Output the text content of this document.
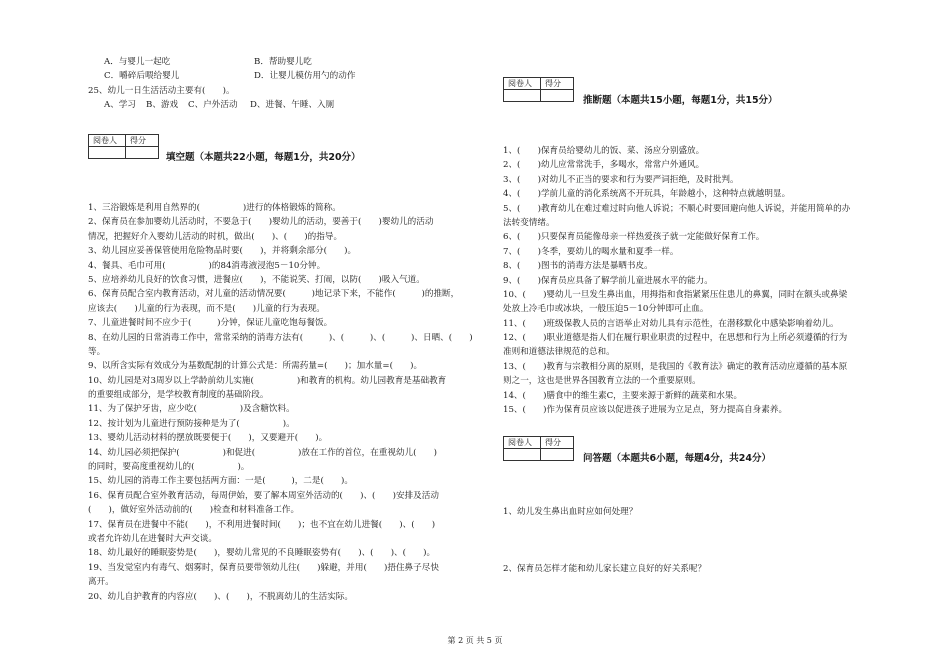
A．与婴儿一起吃	B．帮助婴儿吃
C．嚼碎后喂给婴儿	D．让婴儿模仿用勺的动作
25、幼儿一日生活活动主要有(　　)。
A、学习 B、游戏 C、户外活动 D、进餐、午睡、入厕
阅卷人	得分

填空题（本题共22小题，每题1分，共20分）
1、三浴锻炼是利用自然界的(　　　　　)进行的体格锻炼的简称。
2、保育员在参加婴幼儿活动时，不要急于(　　)婴幼儿的活动，要善于(　　)婴幼儿的活动
情况，把握好介入婴幼儿活动的时机，做出(　　)、(　　)的指导。
3、幼儿园应妥善保管使用危险物品时要(　　)，并将剩余部分(　　)。
4、餐具、毛巾可用(　　　　　)的84消毒液浸泡5－10分钟。
5、应培养幼儿良好的饮食习惯，进餐应(　　)，不能说笑、打闹，以防(　　)吸入气道。
6、保育员配合室内教育活动，对儿童的活动情况要(　　　)地记录下来，不能作(　　　)的推断，
应该去(　　)儿童的行为表现，而不是(　　)儿童的行为表现。
7、儿童进餐时间不应少于(　　　)分钟，保证儿童吃饱每餐饭。
8、在幼儿园的日常消毒工作中，常常采纳的消毒方法有(　　　)、(　　　)、(　　　)、日晒、(　　)
等。
9、以所含实际有效成分为基数配制的计算公式是：所需药量=(　　)；加水量=(　　)。
10、幼儿园是对3周岁以上学龄前幼儿实施(　　　　　)和教育的机构。幼儿园教育是基础教育
的重要组成部分，是学校教育制度的基础阶段。
11、为了保护牙齿，应少吃(　　　　　)及含糖饮料。
12、按计划为儿童进行预防接种是为了(　　　　　)。
13、婴幼儿活动材料的摆放既要便于(　　)，又要避开(　　)。
14、幼儿园必须把保护(　　　　　)和促进(　　　　　)放在工作的首位，在重视幼儿(　　)
的同时，要高度重视幼儿的(　　　　　)。
15、幼儿园的消毒工作主要包括两方面：一是(　　　)，二是(　　)。
16、保育员配合室外教育活动，每周伊始，要了解本周室外活动的(　　)、(　　)安排及活动
(　　)，做好室外活动前的(　　)检查和材料准备工作。
17、保育员在进餐中不能(　　)，不利用进餐时间(　　)；也不宜在幼儿进餐(　　)、(　　)
或者允许幼儿在进餐时大声交谈。
18、幼儿最好的睡眠姿势是(　　)，婴幼儿常见的不良睡眠姿势有(　　)、(　　)、(　　)。
19、当发觉室内有毒气、烟雾时，保育员要带领幼儿往(　　)躲避，并用(　　)捂住鼻子尽快
离开。
20、幼儿自护教育的内容应(　　)、(　　)，不脱离幼儿的生活实际。
阅卷人	得分

推断题（本题共15小题，每题1分，共15分）
1、(　　)保育员给婴幼儿的饭、菜、汤应分别盛放。
2、(　　)幼儿应常常洗手，多喝水，常常户外通风。
3、(　　)对幼儿不正当的要求和行为要严词拒绝，及时批判。
4、(　　)学前儿童的消化系统离不开玩具，年龄越小，这种特点就越明显。
5、(　　)教育幼儿在难过难过时向他人诉说；不顺心时要回避向他人诉说，并能用简单的办
法转变情绪。
6、(　　)只要保育员能像母亲一样热爱孩子就一定能做好保育工作。
7、(　　)冬季，要幼儿的喝水量和夏季一样。
8、(　　)图书的消毒方法是暴晒书皮。
9、(　　)保育员应具备了解学前儿童进展水平的能力。
10、(　　)婴幼儿一旦发生鼻出血，用拇指和食指紧紧压住患儿的鼻翼，同时在额头或鼻梁
处放上冷毛巾或冰块，一般压迫5－10分钟即可止血。
11、(　　)班级保教人员的言语举止对幼儿具有示范性，在潜移默化中感染影响着幼儿。
12、(　　)职业道德是指人们在履行职业职责的过程中，在思想和行为上所必须遵循的行为
准则和道德法律规范的总和。
13、(　　)教育与宗教相分离的原则，是我国的《教育法》确定的教育活动应遵循的基本原
则之一，这也是世界各国教育立法的一个重要原则。
14、(　　)膳食中的维生素C，主要来源于新鲜的蔬菜和水果。
15、(　　)作为保育员应该以促进孩子进展为立足点，努力提高自身素养。
阅卷人	得分

问答题（本题共6小题，每题4分，共24分）
1、幼儿发生鼻出血时应如何处理？
2、保育员怎样才能和幼儿家长建立良好的好关系呢？
第 2 页 共 5 页
